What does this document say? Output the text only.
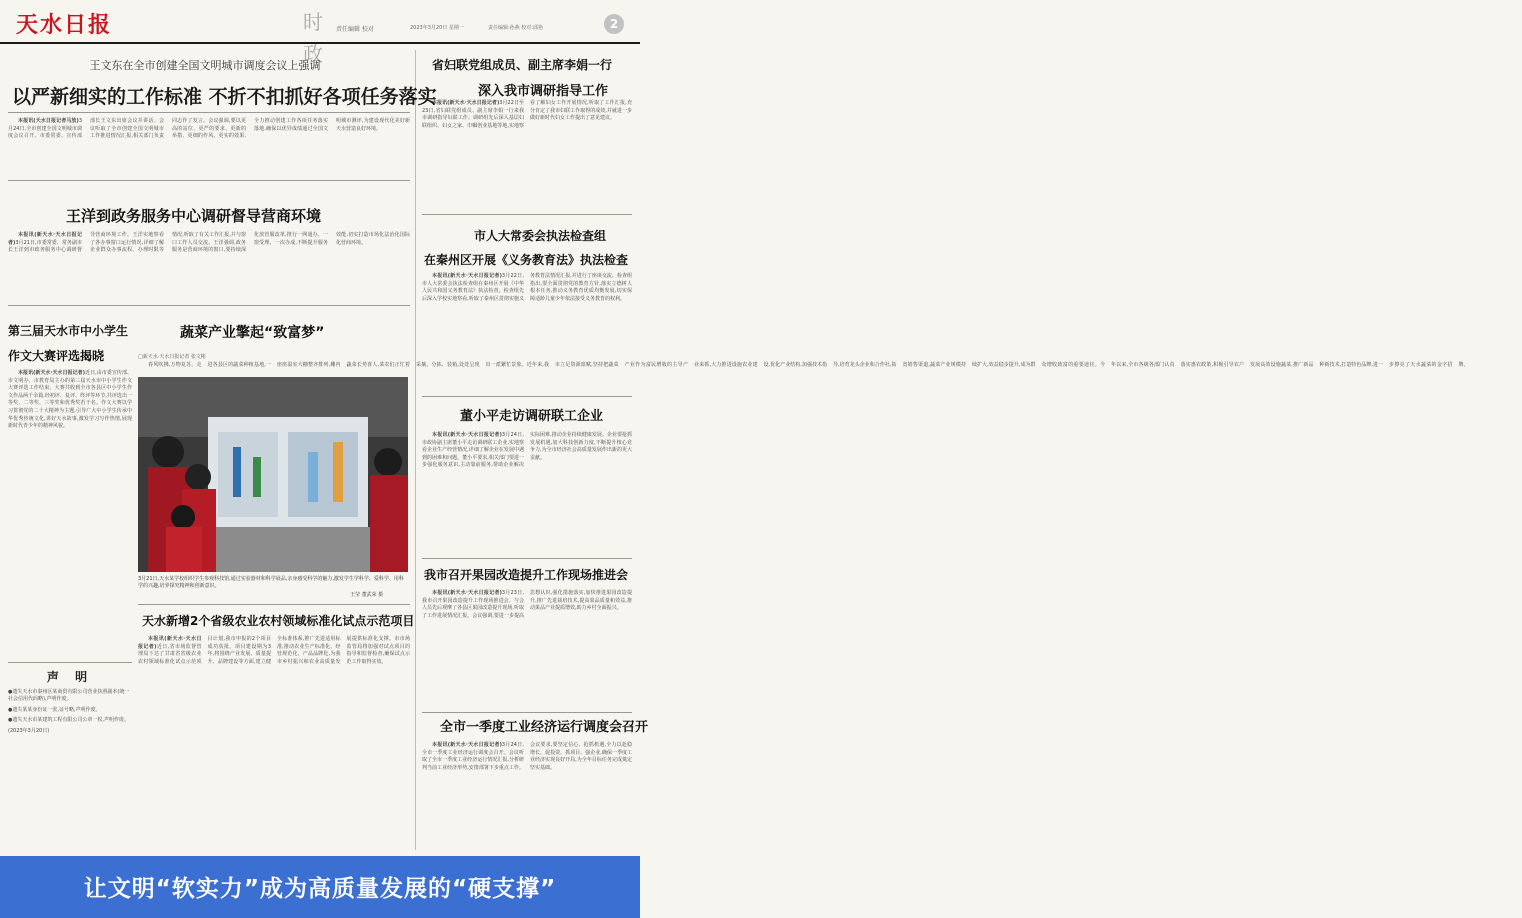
天水日报	时政
责任编辑 校对	2023年3月20日 星期一	责任编辑:孙燕 校对:邱艳	2
王文东在全市创建全国文明城市调度会议上强调
以严新细实的工作标准 不折不扣抓好各项任务落实

本报讯(天水日报记者马放)3月24日,全市创建全国文明城市调度会议召开。市委常委、宣传部部长王文东出席会议并讲话。会议听取了全市创建全国文明城市工作推进情况汇报,相关部门负责同志作了发言。会议强调,要以更高的站位、更严的要求、更新的举措、更细的作风、更实的效果,全力推动创建工作各项任务落实落地,确保以优异成绩通过全国文明城市测评,为建设现代化美好新天水营造良好环境。

王洋到政务服务中心调研督导营商环境

本报讯(新天水·天水日报记者)3月21日,市委常委、常务副市长王洋到市政务服务中心调研督导营商环境工作。王洋实地察看了各办事窗口运行情况,详细了解企业群众办事流程、办理时限等情况,听取了有关工作汇报,并与窗口工作人员交流。王洋强调,政务服务是营商环境的窗口,要持续深化放管服改革,推行一网通办、一窗受理、一次办成,不断提升服务效能,切实打造市场化法治化国际化营商环境。

第三届天水市中小学生
作文大赛评选揭晓

本报讯(新天水·天水日报记者)近日,由市委宣传部、市文明办、市教育局主办的第三届天水市中小学生作文大赛评选工作结束。大赛共收到全市各县区中小学生作文作品两千余篇,经初评、复评、终评等环节,共评选出一等奖、二等奖、三等奖和优秀奖若干名。作文大赛以学习贯彻党的二十大精神为主题,引导广大中小学生传承中华优秀传统文化,讲好天水故事,激发学习写作热情,展现新时代青少年的精神风貌。

蔬菜产业擎起“致富梦”
□新天水·天水日报记者 张文彬

春风吹拂,万物复苏。走进各县区的蔬菜种植基地,一座座温室大棚整齐排列,棚内蔬菜长势喜人,菜农们正忙着采摘、分拣、装箱,处处呈现出一派繁忙景象。近年来,我市立足资源禀赋,坚持把蔬菜产业作为富民增收的主导产业来抓,大力推进设施农业建设,优化产业结构,加强技术指导,培育龙头企业和合作社,拓宽销售渠道,蔬菜产业规模持续扩大,效益稳步提升,成为群众增收致富的重要途径。今年以来,全市各级各部门认真落实惠农政策,积极引导农户发展高效设施蔬菜,推广新品种新技术,打造特色品牌,进一步擦亮了天水蔬菜的金字招牌。

3月21日,天水某学校组织学生参观科技馆,通过实验器材和科学展品,亲身感受科学的魅力,激发学生学科学、爱科学、用科学的兴趣,培养探究精神和创新意识。
王莹 董武荣 摄
声 明

●遗失天水市秦州区某商贸有限公司营业执照副本(统一社会信用代码略),声明作废。

●遗失某某身份证一张,证号略,声明作废。

●遗失天水市某建筑工程有限公司公章一枚,声明作废。

(2023年3月20日)

天水新增2个省级农业农村领域标准化试点示范项目

本报讯(新天水·天水日报记者)近日,省市场监督管理局下达了甘肃省省级农业农村领域标准化试点示范项目计划,我市申报的2个项目成功获批。项目建设期为3年,将围绕产业发展、质量提升、品牌建设等方面,建立健全标准体系,推广先进适用标准,推动农业生产标准化、经营规范化、产品品牌化,为我市乡村振兴和农业高质量发展提供标准化支撑。市市场监管局将加强对试点项目的指导和监督检查,确保试点示范工作取得实效。

省妇联党组成员、副主席李娟一行
深入我市调研指导工作

本报讯(新天水·天水日报记者)3月22日至23日,省妇联党组成员、副主席李娟一行来我市调研指导妇联工作。调研组先后深入基层妇联组织、妇女之家、巾帼创业基地等地,实地察看了解妇女工作开展情况,听取了工作汇报,充分肯定了我市妇联工作取得的成效,并就进一步做好新时代妇女工作提出了意见建议。

市人大常委会执法检查组
在秦州区开展《义务教育法》执法检查

本报讯(新天水·天水日报记者)3月22日,市人大常委会执法检查组在秦州区开展《中华人民共和国义务教育法》执法检查。检查组先后深入学校实地察看,听取了秦州区贯彻实施义务教育法情况汇报,并进行了座谈交流。检查组指出,要全面贯彻党的教育方针,落实立德树人根本任务,推动义务教育优质均衡发展,切实保障适龄儿童少年依法接受义务教育的权利。

董小平走访调研联工企业

本报讯(新天水·天水日报记者)3月24日,市政协副主席董小平走访调研联工企业,实地察看企业生产经营情况,详细了解企业在发展中遇到的困难和问题。董小平要求,相关部门要进一步强化服务意识,主动靠前服务,帮助企业解决实际困难,推动企业持续健康发展。企业要抢抓发展机遇,加大科技创新力度,不断提升核心竞争力,为全市经济社会高质量发展作出新的更大贡献。

我市召开果园改造提升工作现场推进会

本报讯(新天水·天水日报记者)3月23日,我市召开果园改造提升工作现场推进会。与会人员先后观摩了各县区果园改造提升现场,听取了工作进展情况汇报。会议强调,要进一步提高思想认识,强化措施落实,加快推进果园改造提升,推广先进栽培技术,提高果品质量和效益,推动果品产业提质增效,助力乡村全面振兴。

全市一季度工业经济运行调度会召开

本报讯(新天水·天水日报记者)3月24日,全市一季度工业经济运行调度会召开。会议听取了全市一季度工业经济运行情况汇报,分析研判当前工业经济形势,安排部署下步重点工作。会议要求,要坚定信心、抢抓机遇,全力以赴稳增长、促投资、抓项目、强企业,确保一季度工业经济实现良好开局,为全年目标任务完成奠定坚实基础。

让文明“软实力”成为高质量发展的“硬支撑”
